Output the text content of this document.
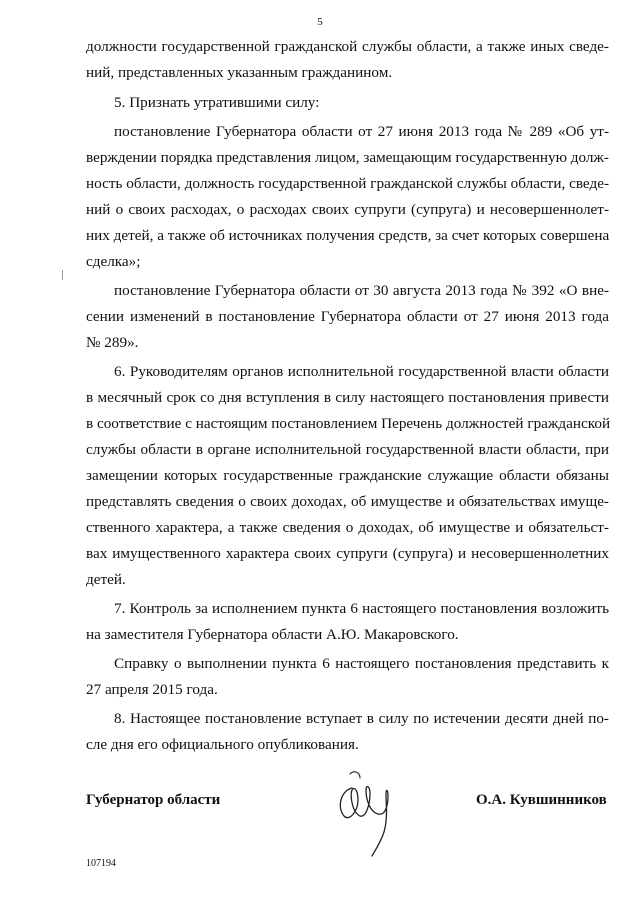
5
должности государственной гражданской службы области, а также иных сведе-
ний, представленных указанным гражданином.
5. Признать утратившими силу:
постановление Губернатора области от 27 июня 2013 года № 289 «Об ут-
верждении порядка представления лицом, замещающим государственную долж-
ность области, должность государственной гражданской службы области, сведе-
ний о своих расходах, о расходах своих супруги (супруга) и несовершеннолет-
них детей, а также об источниках получения средств, за счет которых совершена
сделка»;
постановление Губернатора области от 30 августа 2013 года № 392 «О вне-
сении изменений в постановление Губернатора области от 27 июня 2013 года
№ 289».
6. Руководителям органов исполнительной государственной власти области
в месячный срок со дня вступления в силу настоящего постановления привести
в соответствие с настоящим постановлением Перечень должностей гражданской
службы области в органе исполнительной государственной власти области, при
замещении которых государственные гражданские служащие области обязаны
представлять сведения о своих доходах, об имуществе и обязательствах имуще-
ственного характера, а также сведения о доходах, об имуществе и обязательст-
вах имущественного характера своих супруги (супруга) и несовершеннолетних
детей.
7. Контроль за исполнением пункта 6 настоящего постановления возложить
на заместителя Губернатора области А.Ю. Макаровского.
Справку о выполнении пункта 6 настоящего постановления представить к
27 апреля 2015 года.
8. Настоящее постановление вступает в силу по истечении десяти дней по-
сле дня его официального опубликования.
Губернатор области	О.А. Кувшинников
107194
